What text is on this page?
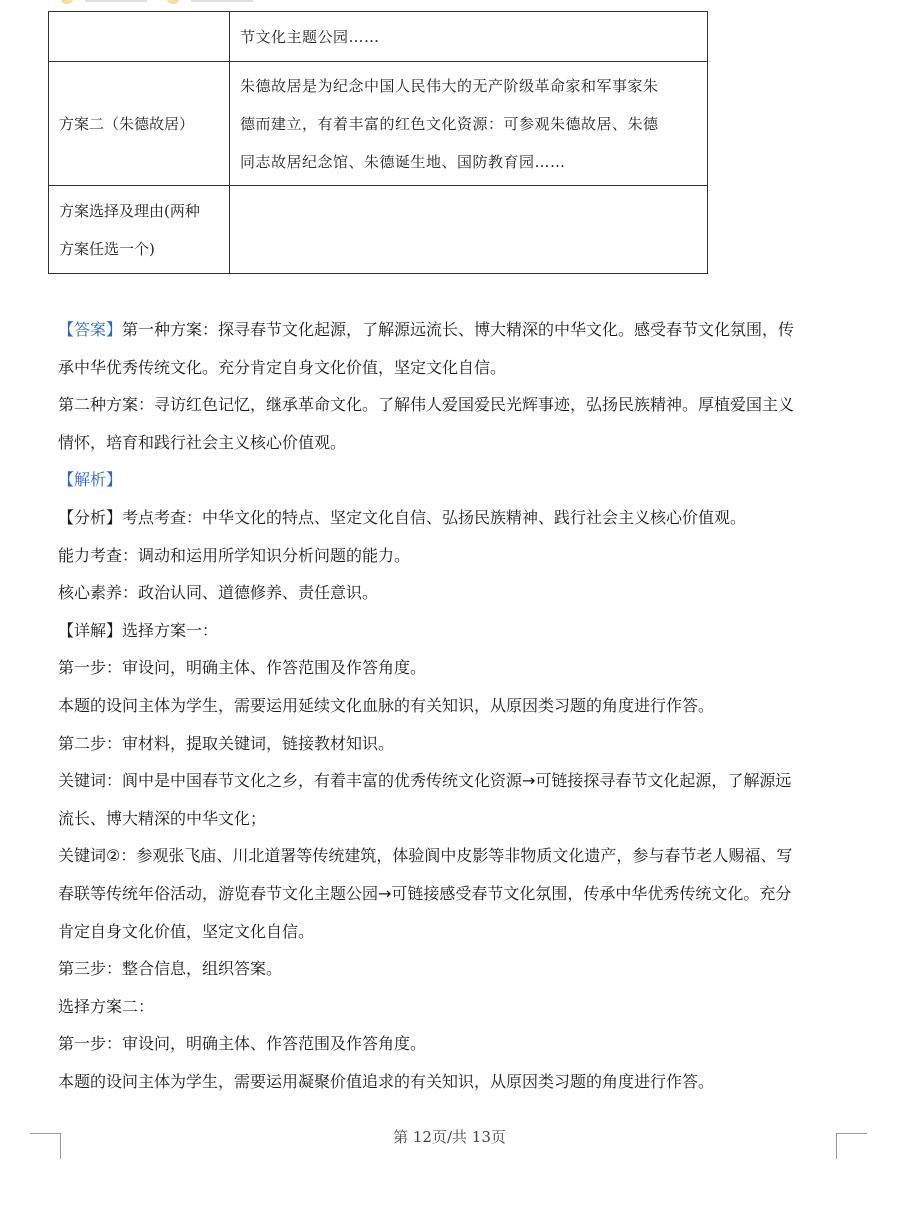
	节文化主题公园……
方案二（朱德故居）	朱德故居是为纪念中国人民伟大的无产阶级革命家和军事家朱
德而建立，有着丰富的红色文化资源：可参观朱德故居、朱德
同志故居纪念馆、朱德诞生地、国防教育园……

方案选择及理由(两种
方案任选一个)	

【答案】第一种方案：探寻春节文化起源，了解源远流长、博大精深的中华文化。感受春节文化氛围，传

承中华优秀传统文化。充分肯定自身文化价值，坚定文化自信。

第二种方案：寻访红色记忆，继承革命文化。了解伟人爱国爱民光辉事迹，弘扬民族精神。厚植爱国主义

情怀，培育和践行社会主义核心价值观。

【解析】

【分析】考点考查：中华文化的特点、坚定文化自信、弘扬民族精神、践行社会主义核心价值观。

能力考查：调动和运用所学知识分析问题的能力。

核心素养：政治认同、道德修养、责任意识。

【详解】选择方案一：

第一步：审设问，明确主体、作答范围及作答角度。

本题的设问主体为学生，需要运用延续文化血脉的有关知识，从原因类习题的角度进行作答。

第二步：审材料，提取关键词，链接教材知识。

关键词：阆中是中国春节文化之乡，有着丰富的优秀传统文化资源→可链接探寻春节文化起源，了解源远

流长、博大精深的中华文化；

关键词②：参观张飞庙、川北道署等传统建筑，体验阆中皮影等非物质文化遗产，参与春节老人赐福、写

春联等传统年俗活动，游览春节文化主题公园→可链接感受春节文化氛围，传承中华优秀传统文化。充分

肯定自身文化价值，坚定文化自信。

第三步：整合信息，组织答案。

选择方案二：

第一步：审设问，明确主体、作答范围及作答角度。

本题的设问主体为学生，需要运用凝聚价值追求的有关知识，从原因类习题的角度进行作答。

第 12页/共 13页
